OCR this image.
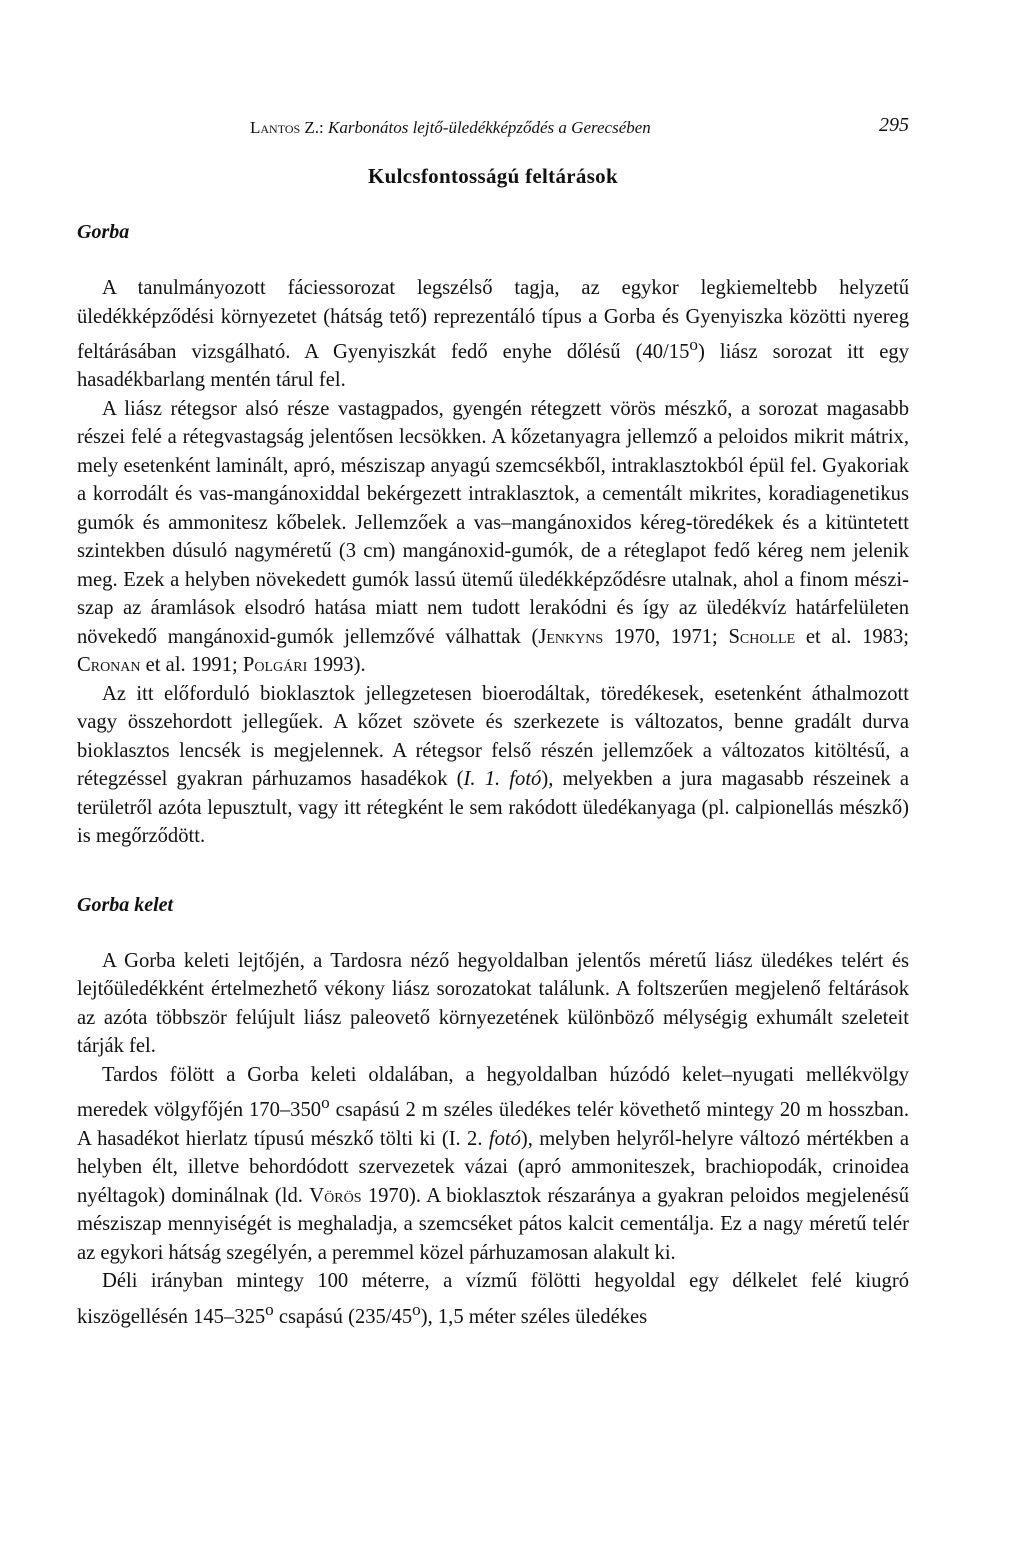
Lantos Z.: Karbonátos lejtő-üledékképződés a Gerecsében	295
Kulcsfontosságú feltárások
Gorba

A tanulmányozott fáciessorozat legszélső tagja, az egykor legkiemeltebb helyzetű üledékképződési környezetet (hátság tető) reprezentáló típus a Gorba és Gyenyiszka közötti nyereg feltárásában vizsgálható. A Gyenyiszkát fedő enyhe dőlésű (40/15$^o$) liász sorozat itt egy hasadékbarlang mentén tárul fel.

A liász rétegsor alsó része vastagpados, gyengén rétegzett vörös mészkő, a sorozat magasabb részei felé a rétegvastagság jelentősen lecsökken. A kőzetanyagra jellemző a peloidos mikrit mátrix, mely esetenként laminált, apró, mésziszap anyagú szemcsékből, intraklasztokból épül fel. Gyakoriak a korrodált és vas-mangánoxiddal bekérgezett intraklasztok, a cementált mikrites, koradiagenetikus gumók és ammonitesz kőbelek. Jellemzőek a vas–mangánoxidos kéreg-töredékek és a kitüntetett szintekben dúsuló nagyméretű (3 cm) mangánoxid-gumók, de a réteglapot fedő kéreg nem jelenik meg. Ezek a helyben növekedett gumók lassú ütemű üledékképződésre utalnak, ahol a finom mésziszap az áramlások elsodró hatása miatt nem tudott lerakódni és így az üledékvíz határfelületen növekedő mangánoxid-gumók jellemzővé válhattak (Jenkyns 1970, 1971; Scholle et al. 1983; Cronan et al. 1991; Polgári 1993).

Az itt előforduló bioklasztok jellegzetesen bioerodáltak, töredékesek, esetenként áthalmozott vagy összehordott jellegűek. A kőzet szövete és szerkezete is változatos, benne gradált durva bioklasztos lencsék is megjelennek. A rétegsor felső részén jellemzőek a változatos kitöltésű, a rétegzéssel gyakran párhuzamos hasadékok (I. 1. fotó), melyekben a jura magasabb részeinek a területről azóta lepusztult, vagy itt rétegként le sem rakódott üledékanyaga (pl. calpionellás mészkő) is megőrződött.

Gorba kelet

A Gorba keleti lejtőjén, a Tardosra néző hegyoldalban jelentős méretű liász üledékes telért és lejtőüledékként értelmezhető vékony liász sorozatokat találunk. A foltszerűen megjelenő feltárások az azóta többször felújult liász paleovető környezetének különböző mélységig exhumált szeleteit tárják fel.

Tardos fölött a Gorba keleti oldalában, a hegyoldalban húzódó kelet–nyugati mellékvölgy meredek völgyfőjén 170–350$^o$ csapású 2 m széles üledékes telér követhető mintegy 20 m hosszban. A hasadékot hierlatz típusú mészkő tölti ki (I. 2. fotó), melyben helyről-helyre változó mértékben a helyben élt, illetve behordódott szervezetek vázai (apró ammoniteszek, brachiopodák, crinoidea nyéltagok) dominálnak (ld. Vörös 1970). A bioklasztok részaránya a gyakran peloidos megjelenésű mésziszap mennyiségét is meghaladja, a szemcséket pátos kalcit cementálja. Ez a nagy méretű telér az egykori hátság szegélyén, a peremmel közel párhuzamosan alakult ki.

Déli irányban mintegy 100 méterre, a vízmű fölötti hegyoldal egy délkelet felé kiugró kiszögellésén 145–325$^o$ csapású (235/45$^o$), 1,5 méter széles üledékes
